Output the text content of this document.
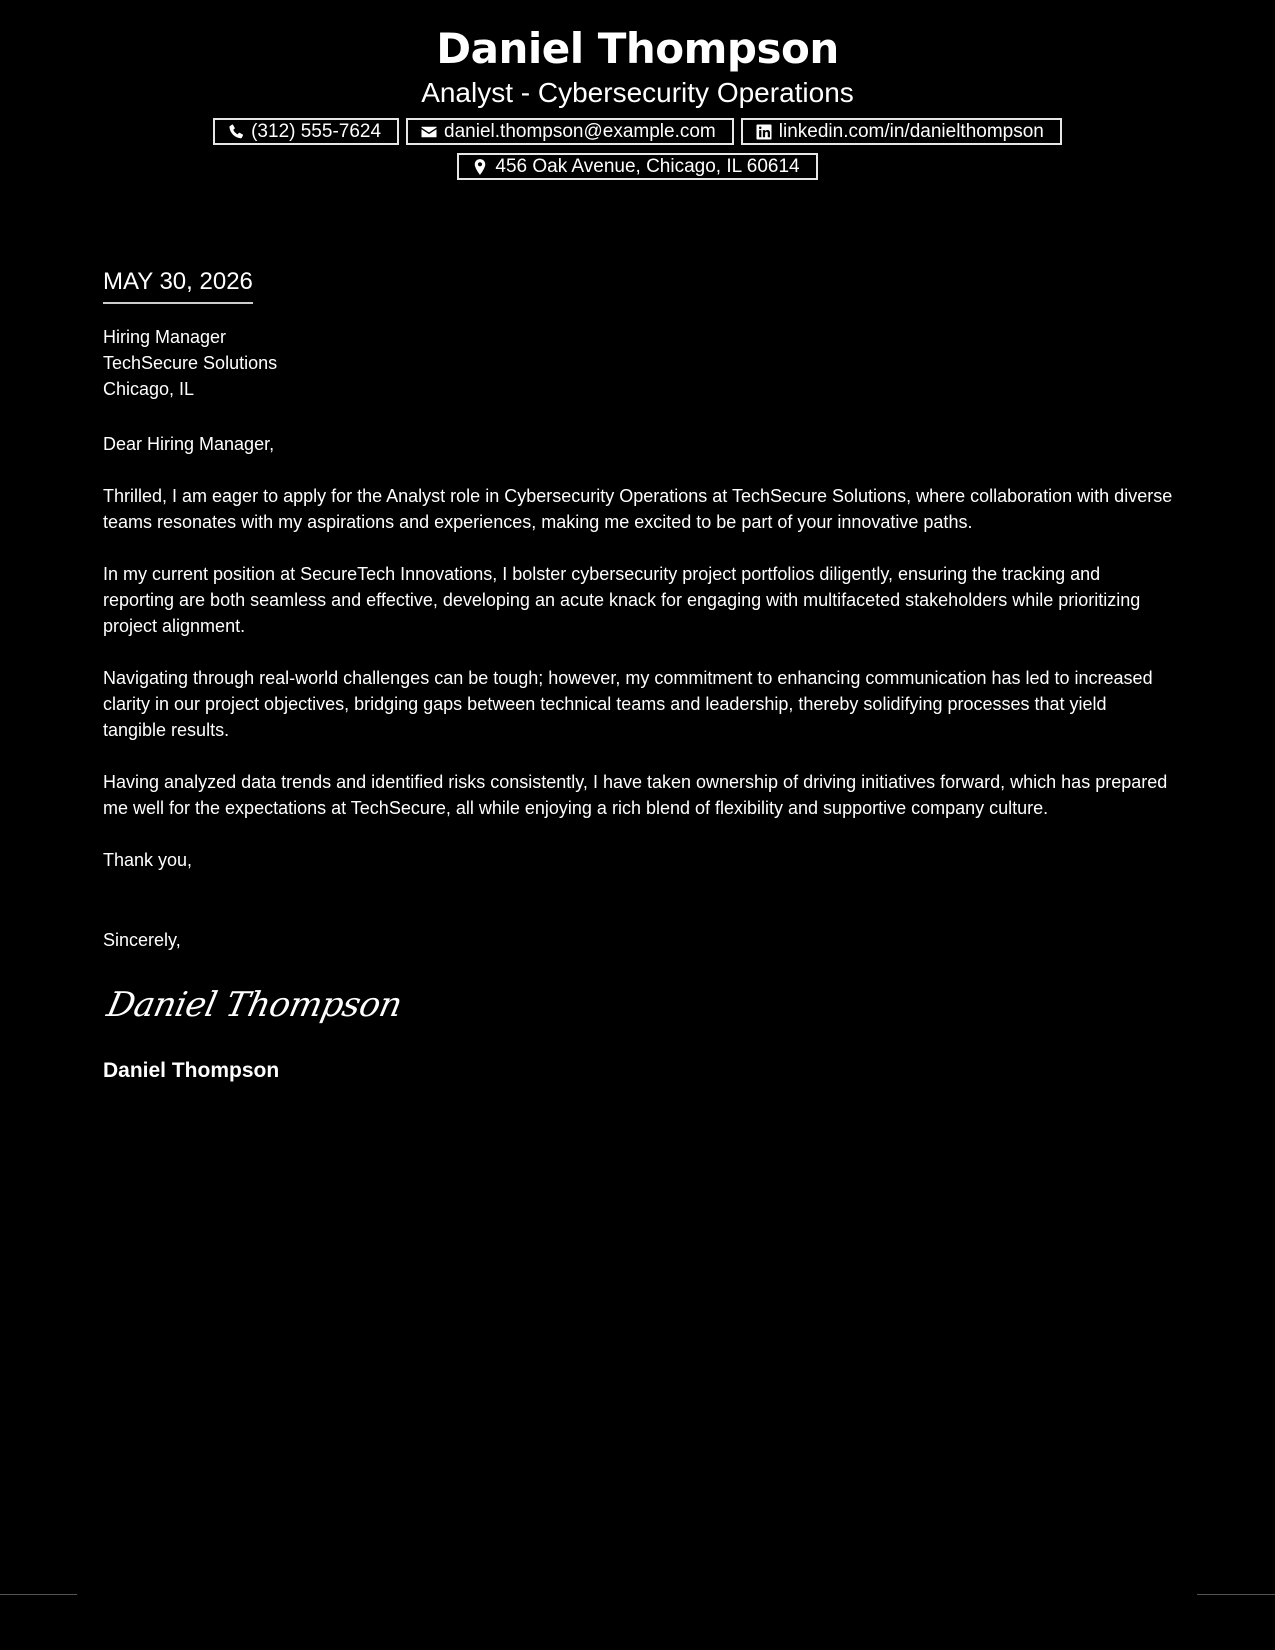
Daniel Thompson
Analyst - Cybersecurity Operations
(312) 555-7624	daniel.thompson@example.com	linkedin.com/in/danielthompson
456 Oak Avenue, Chicago, IL 60614
MAY 30, 2026
Hiring Manager
TechSecure Solutions
Chicago, IL
Dear Hiring Manager,
Thrilled, I am eager to apply for the Analyst role in Cybersecurity Operations at TechSecure Solutions, where collaboration with diverse teams resonates with my aspirations and experiences, making me excited to be part of your innovative paths.
In my current position at SecureTech Innovations, I bolster cybersecurity project portfolios diligently, ensuring the tracking and reporting are both seamless and effective, developing an acute knack for engaging with multifaceted stakeholders while prioritizing project alignment.
Navigating through real-world challenges can be tough; however, my commitment to enhancing communication has led to increased clarity in our project objectives, bridging gaps between technical teams and leadership, thereby solidifying processes that yield tangible results.
Having analyzed data trends and identified risks consistently, I have taken ownership of driving initiatives forward, which has prepared me well for the expectations at TechSecure, all while enjoying a rich blend of flexibility and supportive company culture.
Thank you,
Sincerely,
Daniel Thompson
Daniel Thompson
